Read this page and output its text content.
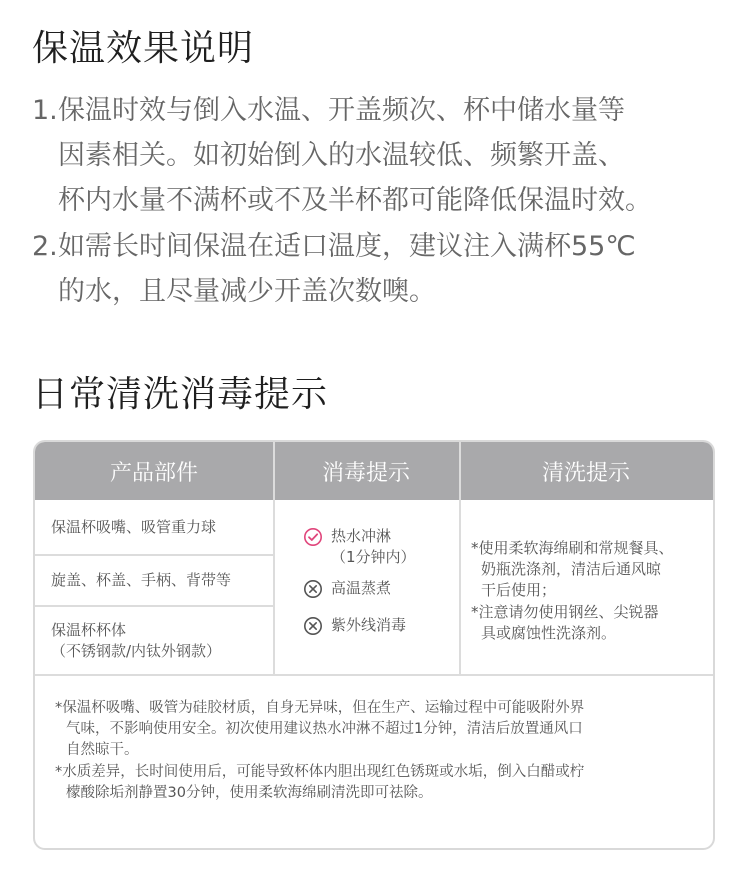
保温效果说明
1. 保温时效与倒入水温、开盖频次、杯中储水量等
因素相关。如初始倒入的水温较低、频繁开盖、
杯内水量不满杯或不及半杯都可能降低保温时效。
2. 如需长时间保温在适口温度，建议注入满杯55℃
的水，且尽量减少开盖次数噢。
日常清洗消毒提示
产品部件	消毒提示	清洗提示
保温杯吸嘴、吸管重力球
旋盖、杯盖、手柄、背带等
保温杯杯体
（不锈钢款/内钛外钢款）
热水冲淋
（1分钟内）
高温蒸煮
紫外线消毒
*使用柔软海绵刷和常规餐具、
奶瓶洗涤剂，清洁后通风晾
干后使用；
*注意请勿使用钢丝、尖锐器
具或腐蚀性洗涤剂。
*保温杯吸嘴、吸管为硅胶材质，自身无异味，但在生产、运输过程中可能吸附外界
气味，不影响使用安全。初次使用建议热水冲淋不超过1分钟，清洁后放置通风口
自然晾干。
*水质差异，长时间使用后，可能导致杯体内胆出现红色锈斑或水垢，倒入白醋或柠
檬酸除垢剂静置30分钟，使用柔软海绵刷清洗即可祛除。
